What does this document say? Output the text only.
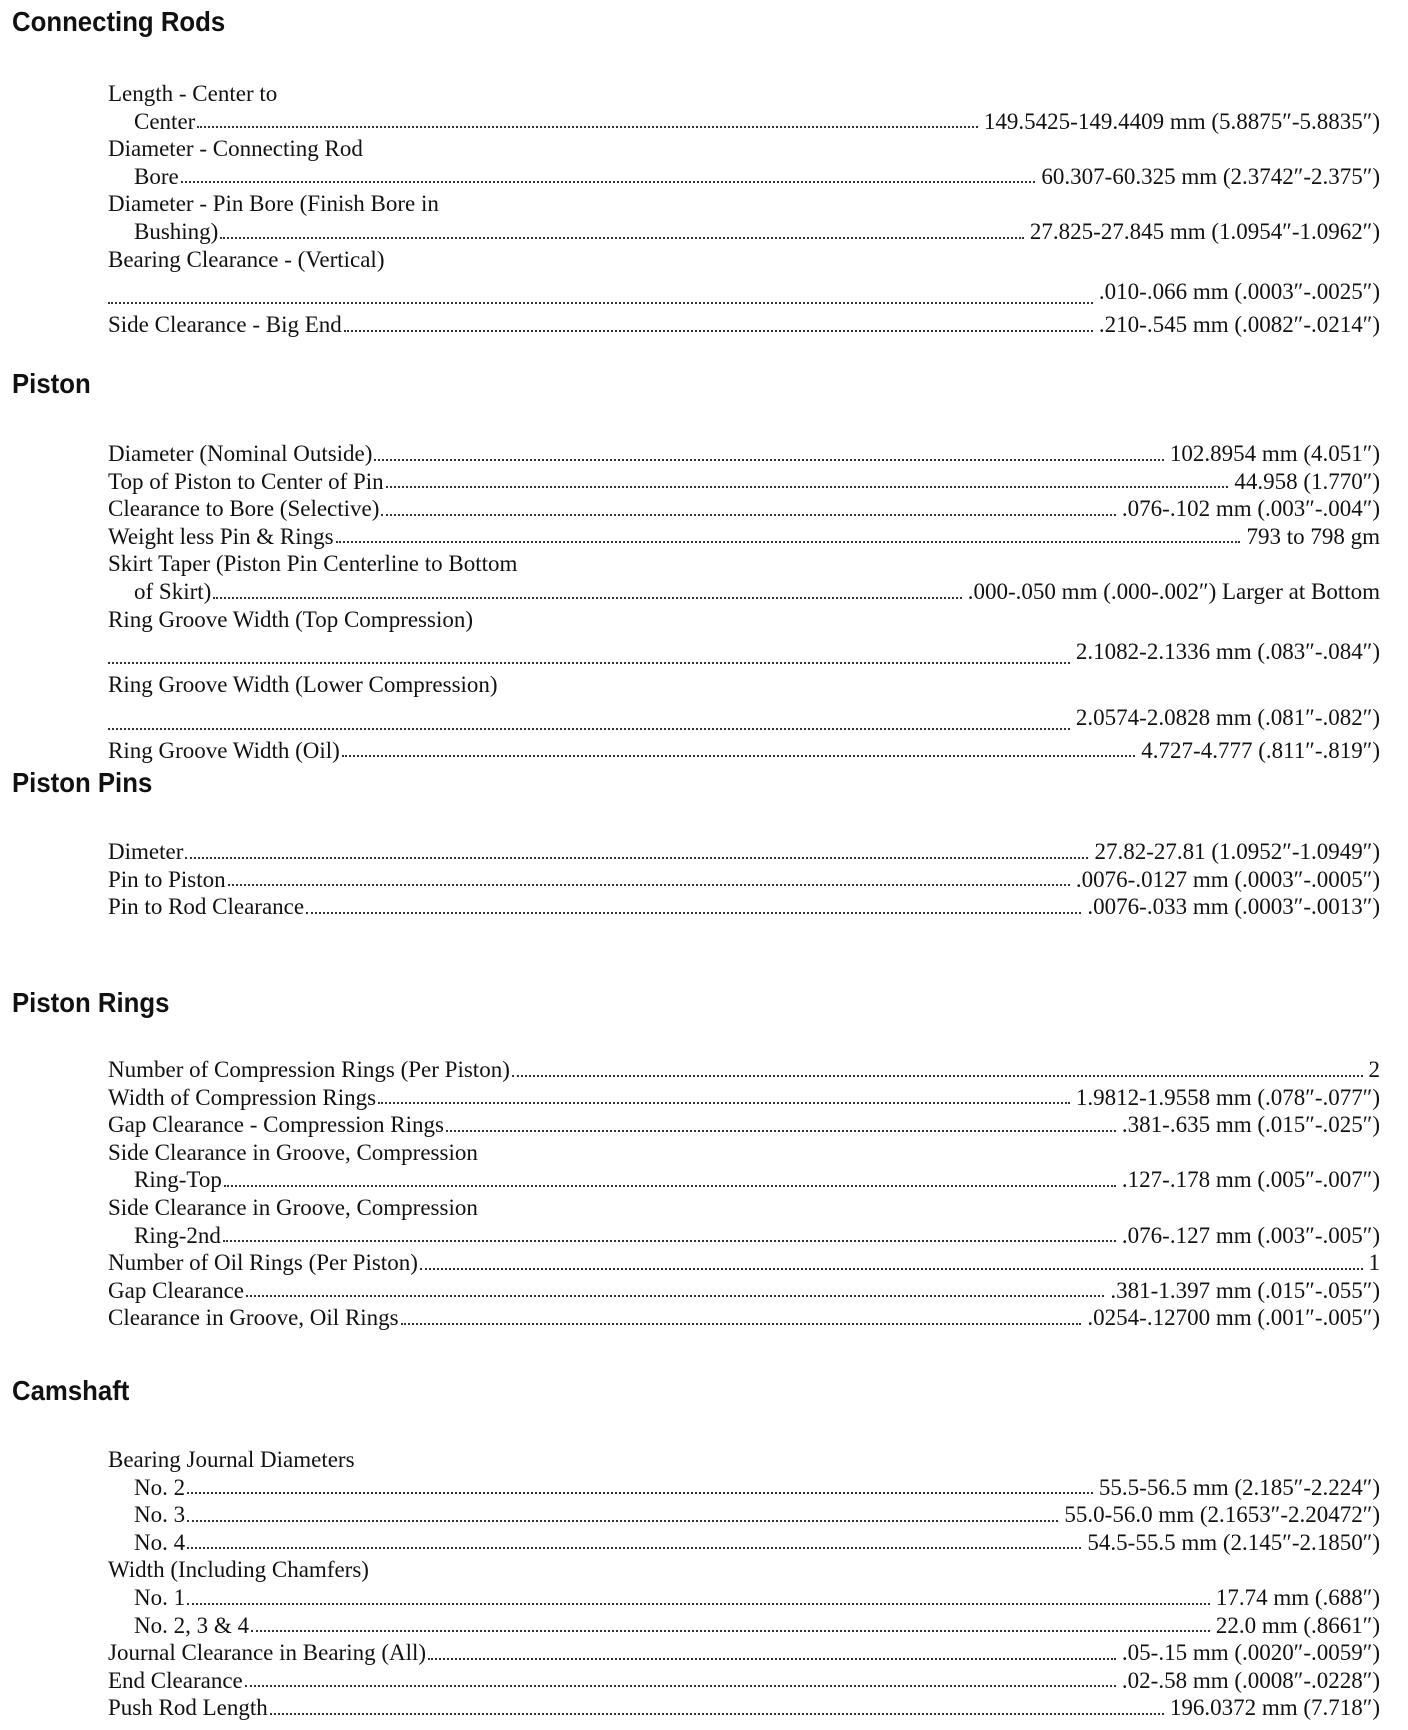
Connecting Rods
Length - Center to
Center	149.5425-149.4409 mm (5.8875″-5.8835″)
Diameter - Connecting Rod
Bore	60.307-60.325 mm (2.3742″-2.375″)
Diameter - Pin Bore (Finish Bore in
Bushing)	27.825-27.845 mm (1.0954″-1.0962″)
Bearing Clearance - (Vertical)
.010-.066 mm (.0003″-.0025″)
Side Clearance - Big End	.210-.545 mm (.0082″-.0214″)
Piston
Diameter (Nominal Outside)	102.8954 mm (4.051″)
Top of Piston to Center of Pin	44.958 (1.770″)
Clearance to Bore (Selective)	.076-.102 mm (.003″-.004″)
Weight less Pin & Rings	793 to 798 gm
Skirt Taper (Piston Pin Centerline to Bottom
of Skirt)	.000-.050 mm (.000-.002″) Larger at Bottom
Ring Groove Width (Top Compression)
2.1082-2.1336 mm (.083″-.084″)
Ring Groove Width (Lower Compression)
2.0574-2.0828 mm (.081″-.082″)
Ring Groove Width (Oil)	4.727-4.777 (.811″-.819″)
Piston Pins
Dimeter	27.82-27.81 (1.0952″-1.0949″)
Pin to Piston	.0076-.0127 mm (.0003″-.0005″)
Pin to Rod Clearance	.0076-.033 mm (.0003″-.0013″)
Piston Rings
Number of Compression Rings (Per Piston)	2
Width of Compression Rings	1.9812-1.9558 mm (.078″-.077″)
Gap Clearance - Compression Rings	.381-.635 mm (.015″-.025″)
Side Clearance in Groove, Compression
Ring-Top	.127-.178 mm (.005″-.007″)
Side Clearance in Groove, Compression
Ring-2nd	.076-.127 mm (.003″-.005″)
Number of Oil Rings (Per Piston)	1
Gap Clearance	.381-1.397 mm (.015″-.055″)
Clearance in Groove, Oil Rings	.0254-.12700 mm (.001″-.005″)
Camshaft
Bearing Journal Diameters
No. 2	55.5-56.5 mm (2.185″-2.224″)
No. 3	55.0-56.0 mm (2.1653″-2.20472″)
No. 4	54.5-55.5 mm (2.145″-2.1850″)
Width (Including Chamfers)
No. 1	17.74 mm (.688″)
No. 2, 3 & 4	22.0 mm (.8661″)
Journal Clearance in Bearing (All)	.05-.15 mm (.0020″-.0059″)
End Clearance	.02-.58 mm (.0008″-.0228″)
Push Rod Length	196.0372 mm (7.718″)
